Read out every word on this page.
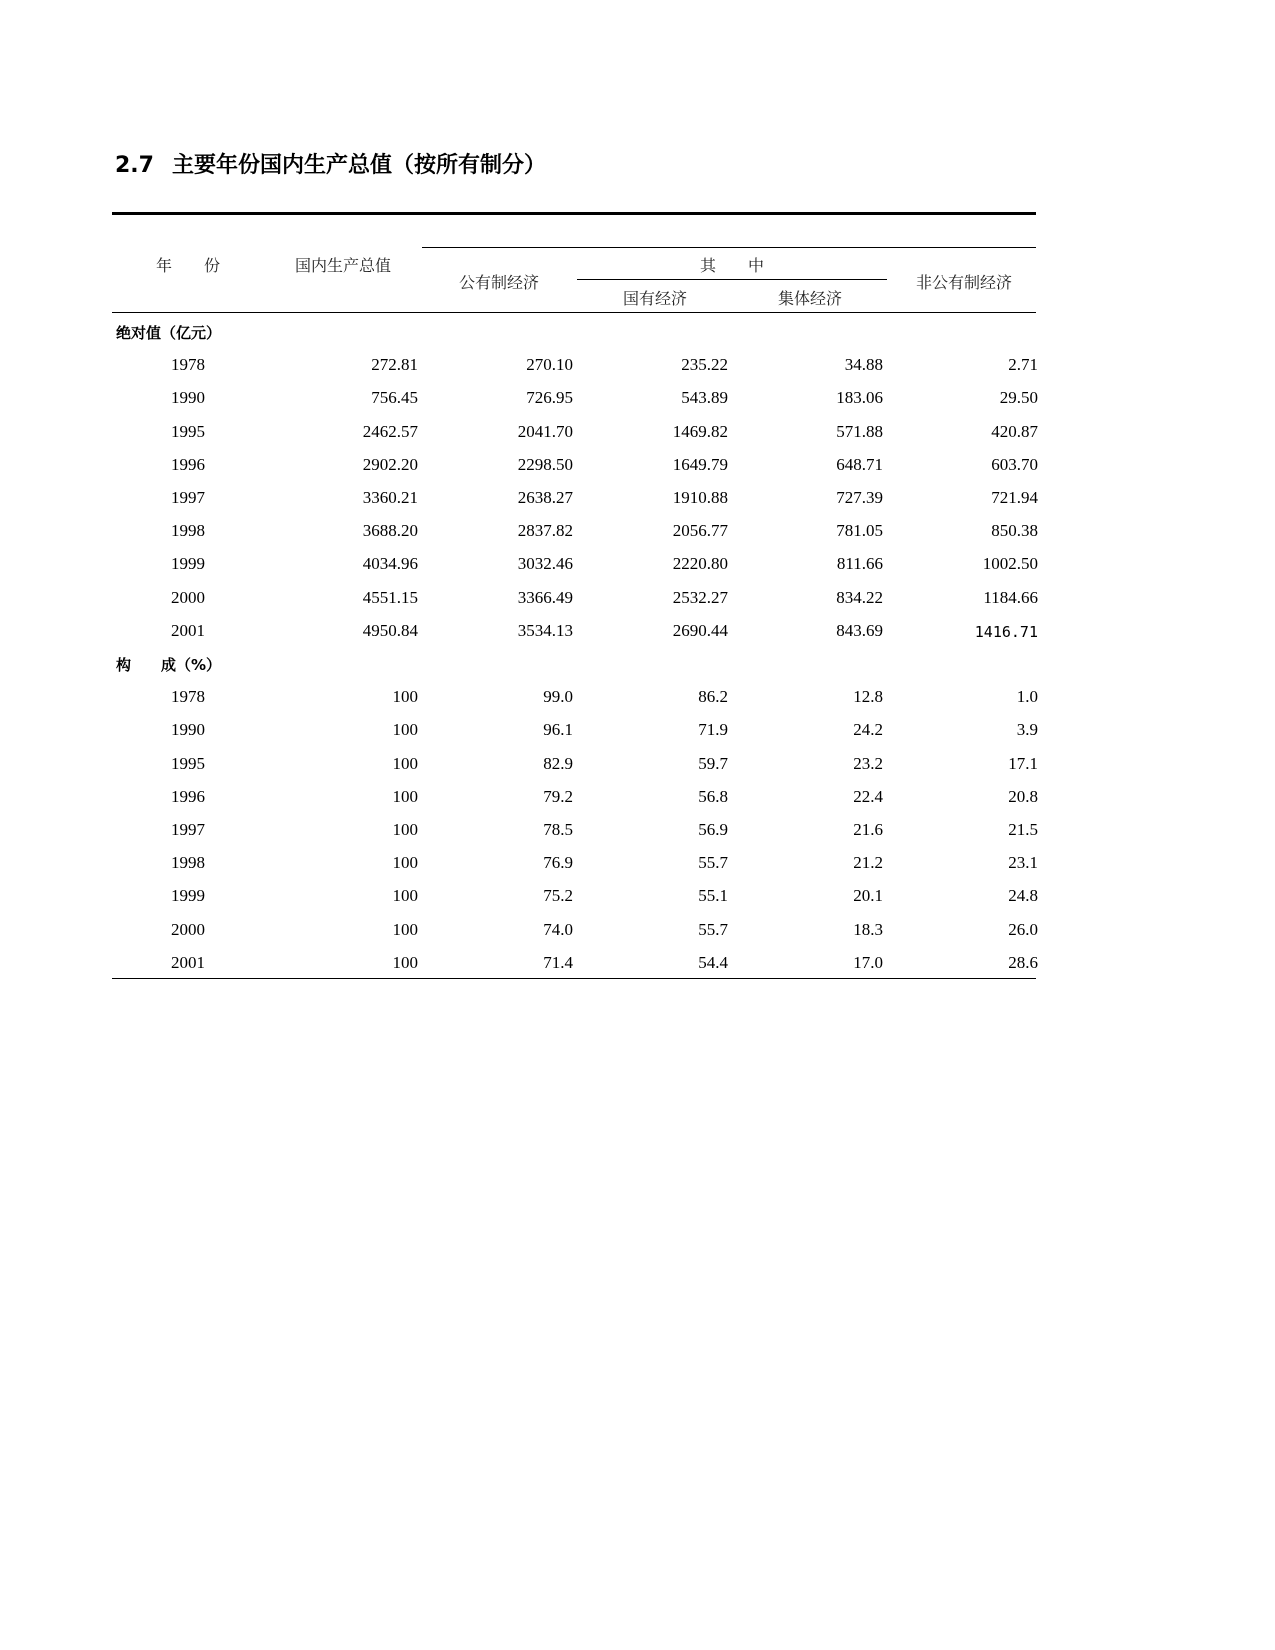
2.7 主要年份国内生产总值（按所有制分）
年　　份	国内生产总值
公有制经济
其　　中
国有经济	集体经济
非公有制经济
绝对值（亿元）
1978	272.81	270.10	235.22	34.88	2.71
1990	756.45	726.95	543.89	183.06	29.50
1995	2462.57	2041.70	1469.82	571.88	420.87
1996	2902.20	2298.50	1649.79	648.71	603.70
1997	3360.21	2638.27	1910.88	727.39	721.94
1998	3688.20	2837.82	2056.77	781.05	850.38
1999	4034.96	3032.46	2220.80	811.66	1002.50
2000	4551.15	3366.49	2532.27	834.22	1184.66
2001	4950.84	3534.13	2690.44	843.69	1416.71
构　　成（%）
1978	100	99.0	86.2	12.8	1.0
1990	100	96.1	71.9	24.2	3.9
1995	100	82.9	59.7	23.2	17.1
1996	100	79.2	56.8	22.4	20.8
1997	100	78.5	56.9	21.6	21.5
1998	100	76.9	55.7	21.2	23.1
1999	100	75.2	55.1	20.1	24.8
2000	100	74.0	55.7	18.3	26.0
2001	100	71.4	54.4	17.0	28.6
